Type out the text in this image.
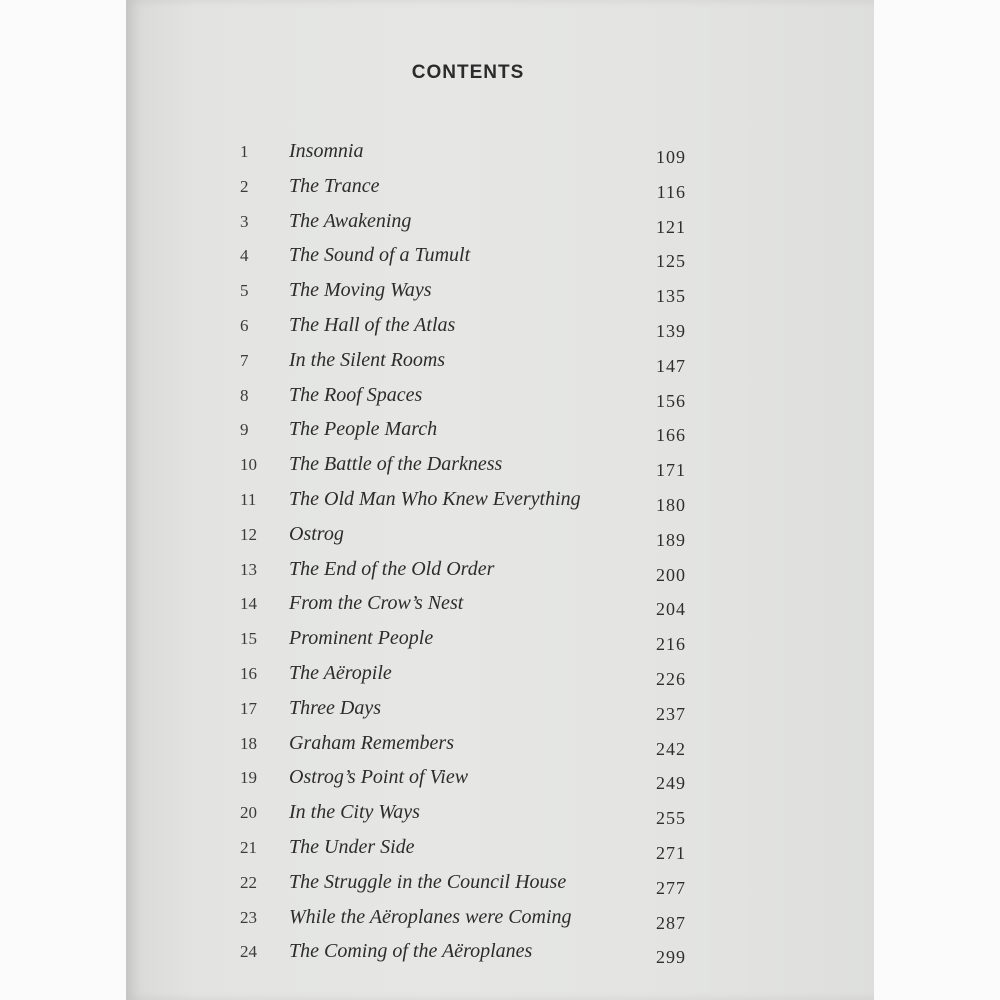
CONTENTS
1	Insomnia	109
2	The Trance	116
3	The Awakening	121
4	The Sound of a Tumult	125
5	The Moving Ways	135
6	The Hall of the Atlas	139
7	In the Silent Rooms	147
8	The Roof Spaces	156
9	The People March	166
10	The Battle of the Darkness	171
11	The Old Man Who Knew Everything	180
12	Ostrog	189
13	The End of the Old Order	200
14	From the Crow’s Nest	204
15	Prominent People	216
16	The Aëropile	226
17	Three Days	237
18	Graham Remembers	242
19	Ostrog’s Point of View	249
20	In the City Ways	255
21	The Under Side	271
22	The Struggle in the Council House	277
23	While the Aëroplanes were Coming	287
24	The Coming of the Aëroplanes	299
